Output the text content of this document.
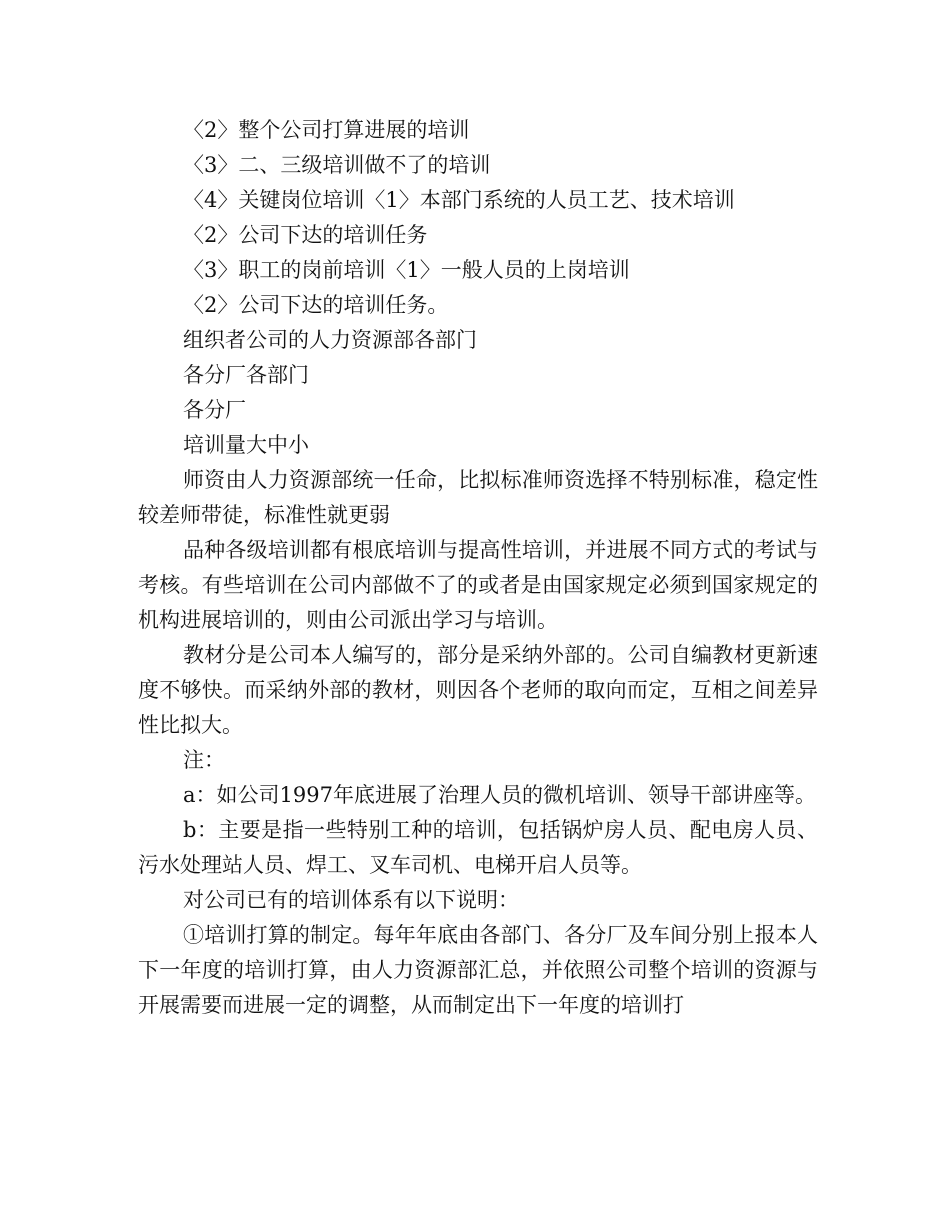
〈2〉整个公司打算进展的培训
〈3〉二、三级培训做不了的培训
〈4〉关键岗位培训〈1〉本部门系统的人员工艺、技术培训
〈2〉公司下达的培训任务
〈3〉职工的岗前培训〈1〉一般人员的上岗培训
〈2〉公司下达的培训任务。
组织者公司的人力资源部各部门
各分厂各部门
各分厂
培训量大中小

师资由人力资源部统一任命，比拟标准师资选择不特别标准，稳定性较差师带徒，标准性就更弱

品种各级培训都有根底培训与提高性培训，并进展不同方式的考试与考核。有些培训在公司内部做不了的或者是由国家规定必须到国家规定的机构进展培训的，则由公司派出学习与培训。

教材分是公司本人编写的，部分是采纳外部的。公司自编教材更新速度不够快。而采纳外部的教材，则因各个老师的取向而定，互相之间差异性比拟大。

注：

a：如公司1997年底进展了治理人员的微机培训、领导干部讲座等。

b：主要是指一些特别工种的培训，包括锅炉房人员、配电房人员、污水处理站人员、焊工、叉车司机、电梯开启人员等。

对公司已有的培训体系有以下说明：

①培训打算的制定。每年年底由各部门、各分厂及车间分别上报本人下一年度的培训打算，由人力资源部汇总，并依照公司整个培训的资源与开展需要而进展一定的调整，从而制定出下一年度的培训打
